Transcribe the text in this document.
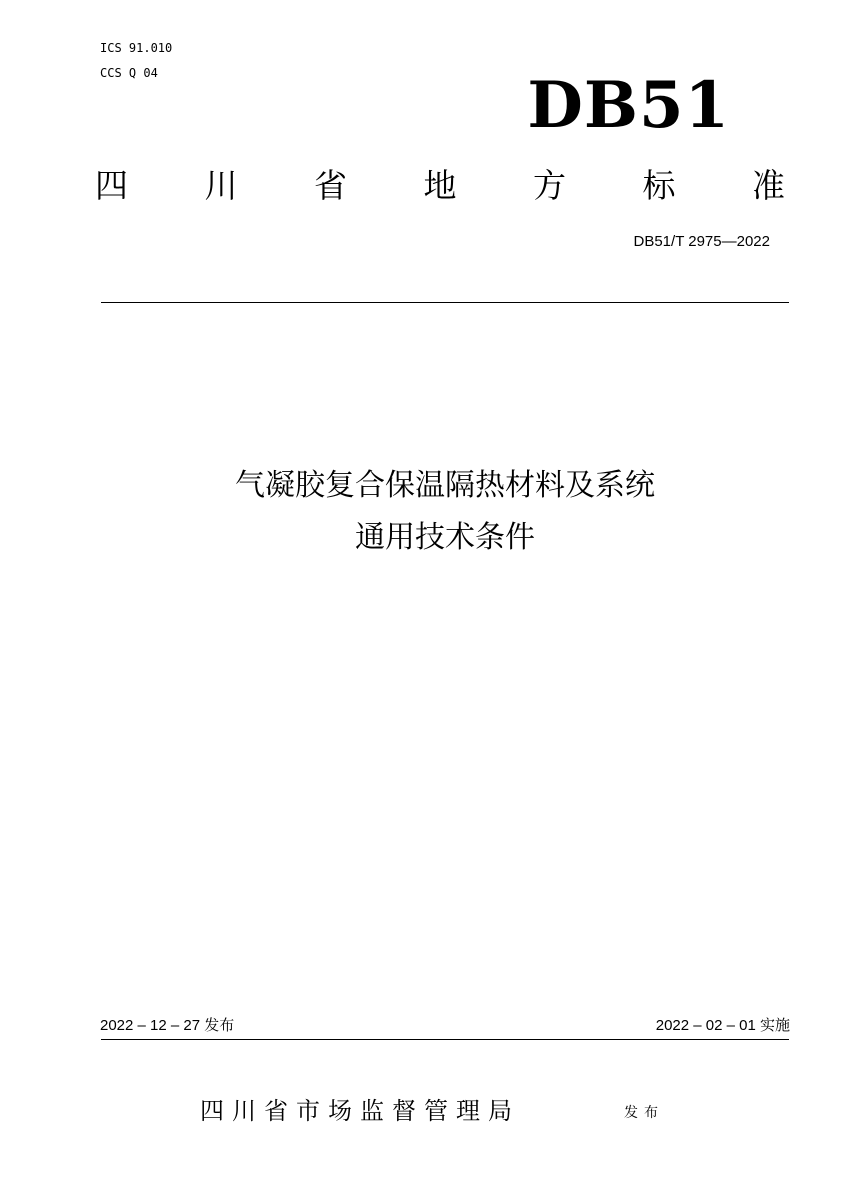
ICS 91.010
CCS Q 04	DB51
四 川 省 地 方 标 准
DB51/T 2975—2022
气凝胶复合保温隔热材料及系统
通用技术条件
2022 – 12 – 27 发布	2022 – 02 – 01 实施
四川省市场监督管理局	发布
